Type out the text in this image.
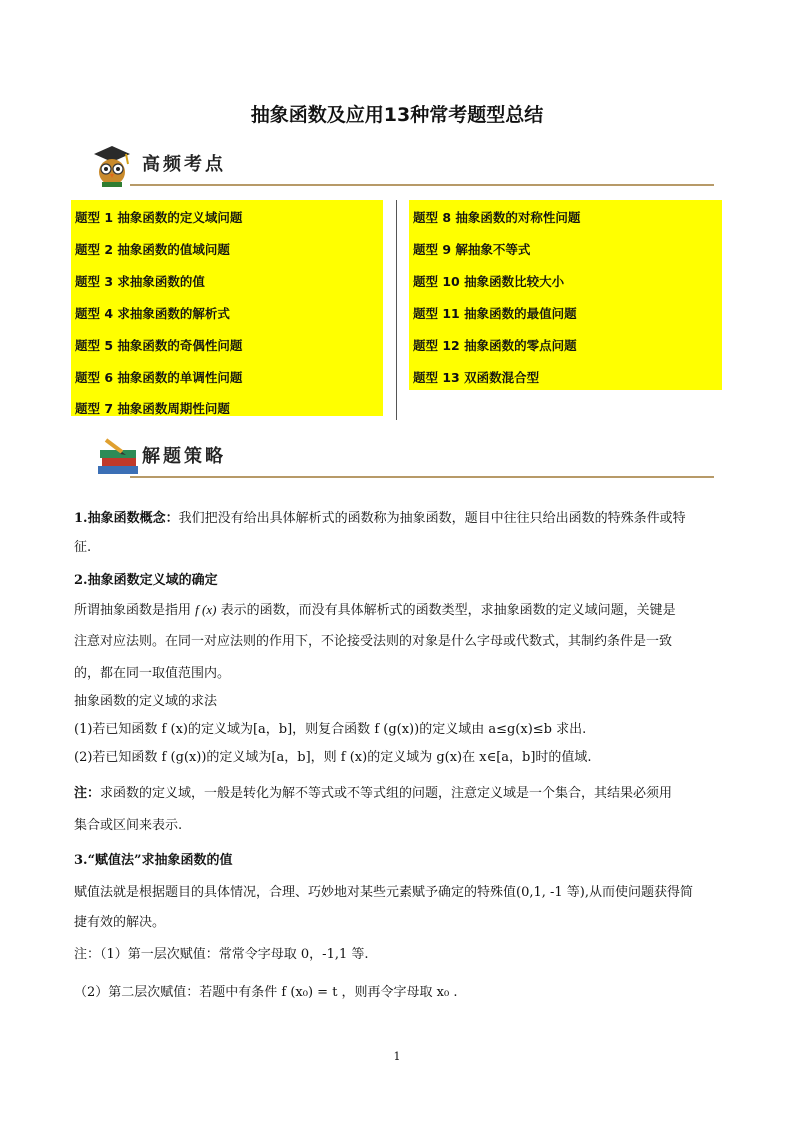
抽象函数及应用13种常考题型总结
高频考点
题型 1 抽象函数的定义域问题
题型 2 抽象函数的值域问题
题型 3 求抽象函数的值
题型 4 求抽象函数的解析式
题型 5 抽象函数的奇偶性问题
题型 6 抽象函数的单调性问题
题型 7 抽象函数周期性问题
题型 8 抽象函数的对称性问题
题型 9 解抽象不等式
题型 10 抽象函数比较大小
题型 11 抽象函数的最值问题
题型 12 抽象函数的零点问题
题型 13 双函数混合型
解题策略
1.抽象函数概念：我们把没有给出具体解析式的函数称为抽象函数，题目中往往只给出函数的特殊条件或特
征.
2.抽象函数定义域的确定
所谓抽象函数是指用 f (x) 表示的函数，而没有具体解析式的函数类型，求抽象函数的定义域问题，关键是
注意对应法则。在同一对应法则的作用下，不论接受法则的对象是什么字母或代数式，其制约条件是一致
的，都在同一取值范围内。
抽象函数的定义域的求法
(1)若已知函数 f (x)的定义域为[a，b]，则复合函数 f (g(x))的定义域由 a≤g(x)≤b 求出.
(2)若已知函数 f (g(x))的定义域为[a，b]，则 f (x)的定义域为 g(x)在 x∈[a，b]时的值域.
注：求函数的定义域，一般是转化为解不等式或不等式组的问题，注意定义域是一个集合，其结果必须用
集合或区间来表示.
3.“赋值法”求抽象函数的值
赋值法就是根据题目的具体情况，合理、巧妙地对某些元素赋予确定的特殊值(0,1, -1 等),从而使问题获得简
捷有效的解决。
注：（1）第一层次赋值：常常令字母取 0，-1,1 等.
（2）第二层次赋值：若题中有条件 f (x₀) = t ，则再令字母取 x₀ .
1
